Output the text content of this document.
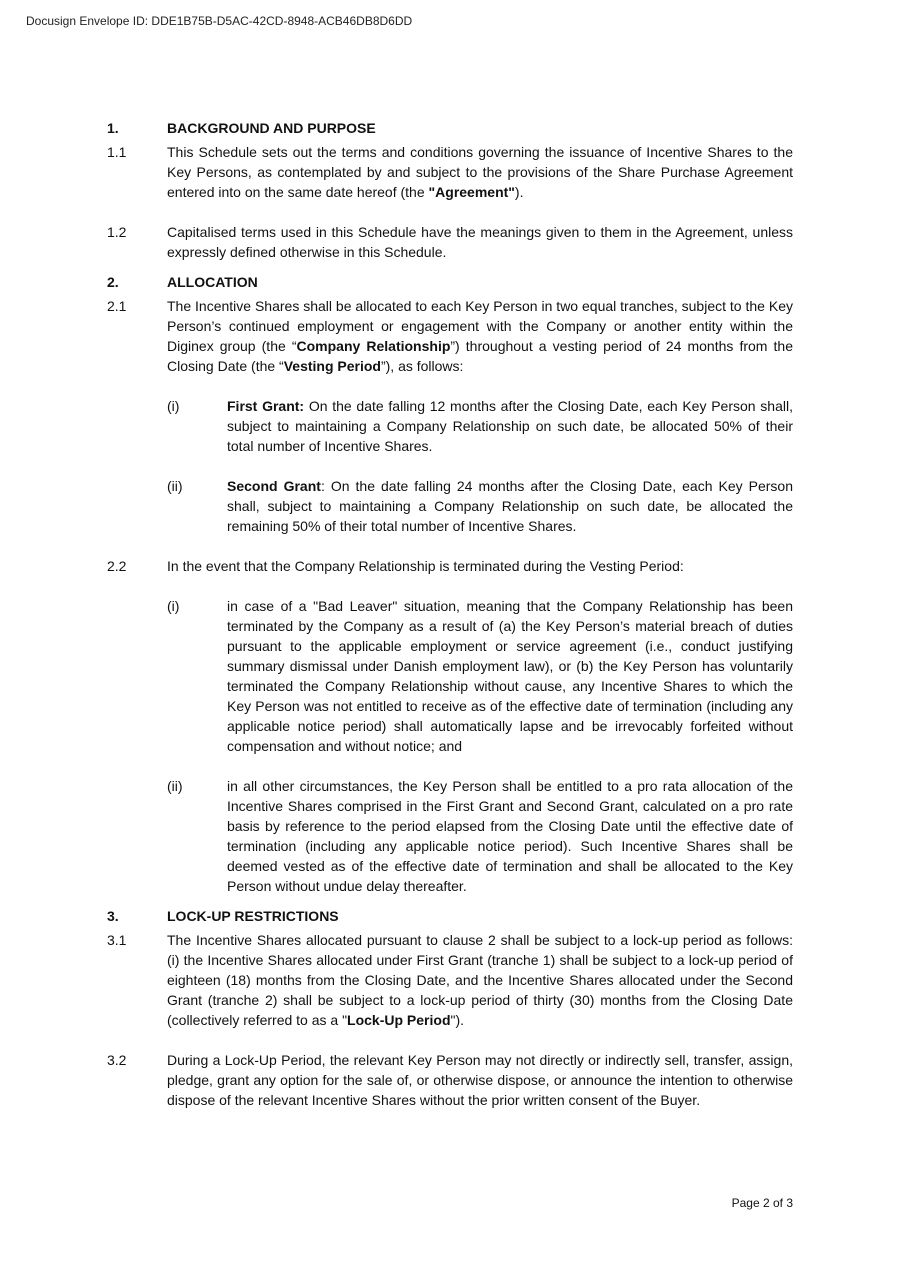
Docusign Envelope ID: DDE1B75B-D5AC-42CD-8948-ACB46DB8D6DD
1.	BACKGROUND AND PURPOSE
1.1	This Schedule sets out the terms and conditions governing the issuance of Incentive Shares to the Key Persons, as contemplated by and subject to the provisions of the Share Purchase Agreement entered into on the same date hereof (the "Agreement").
1.2	Capitalised terms used in this Schedule have the meanings given to them in the Agreement, unless expressly defined otherwise in this Schedule.
2.	ALLOCATION
2.1	The Incentive Shares shall be allocated to each Key Person in two equal tranches, subject to the Key Person’s continued employment or engagement with the Company or another entity within the Diginex group (the “Company Relationship”) throughout a vesting period of 24 months from the Closing Date (the “Vesting Period”), as follows:
(i)	First Grant: On the date falling 12 months after the Closing Date, each Key Person shall, subject to maintaining a Company Relationship on such date, be allocated 50% of their total number of Incentive Shares.
(ii)	Second Grant: On the date falling 24 months after the Closing Date, each Key Person shall, subject to maintaining a Company Relationship on such date, be allocated the remaining 50% of their total number of Incentive Shares.
2.2	In the event that the Company Relationship is terminated during the Vesting Period:
(i)	in case of a "Bad Leaver" situation, meaning that the Company Relationship has been terminated by the Company as a result of (a) the Key Person’s material breach of duties pursuant to the applicable employment or service agreement (i.e., conduct justifying summary dismissal under Danish employment law), or (b) the Key Person has voluntarily terminated the Company Relationship without cause, any Incentive Shares to which the Key Person was not entitled to receive as of the effective date of termination (including any applicable notice period) shall automatically lapse and be irrevocably forfeited without compensation and without notice; and
(ii)	in all other circumstances, the Key Person shall be entitled to a pro rata allocation of the Incentive Shares comprised in the First Grant and Second Grant, calculated on a pro rate basis by reference to the period elapsed from the Closing Date until the effective date of termination (including any applicable notice period). Such Incentive Shares shall be deemed vested as of the effective date of termination and shall be allocated to the Key Person without undue delay thereafter.
3.	LOCK-UP RESTRICTIONS
3.1	The Incentive Shares allocated pursuant to clause 2 shall be subject to a lock-up period as follows: (i) the Incentive Shares allocated under First Grant (tranche 1) shall be subject to a lock-up period of eighteen (18) months from the Closing Date, and the Incentive Shares allocated under the Second Grant (tranche 2) shall be subject to a lock-up period of thirty (30) months from the Closing Date (collectively referred to as a "Lock-Up Period").
3.2	During a Lock-Up Period, the relevant Key Person may not directly or indirectly sell, transfer, assign, pledge, grant any option for the sale of, or otherwise dispose, or announce the intention to otherwise dispose of the relevant Incentive Shares without the prior written consent of the Buyer.
Page 2 of 3
